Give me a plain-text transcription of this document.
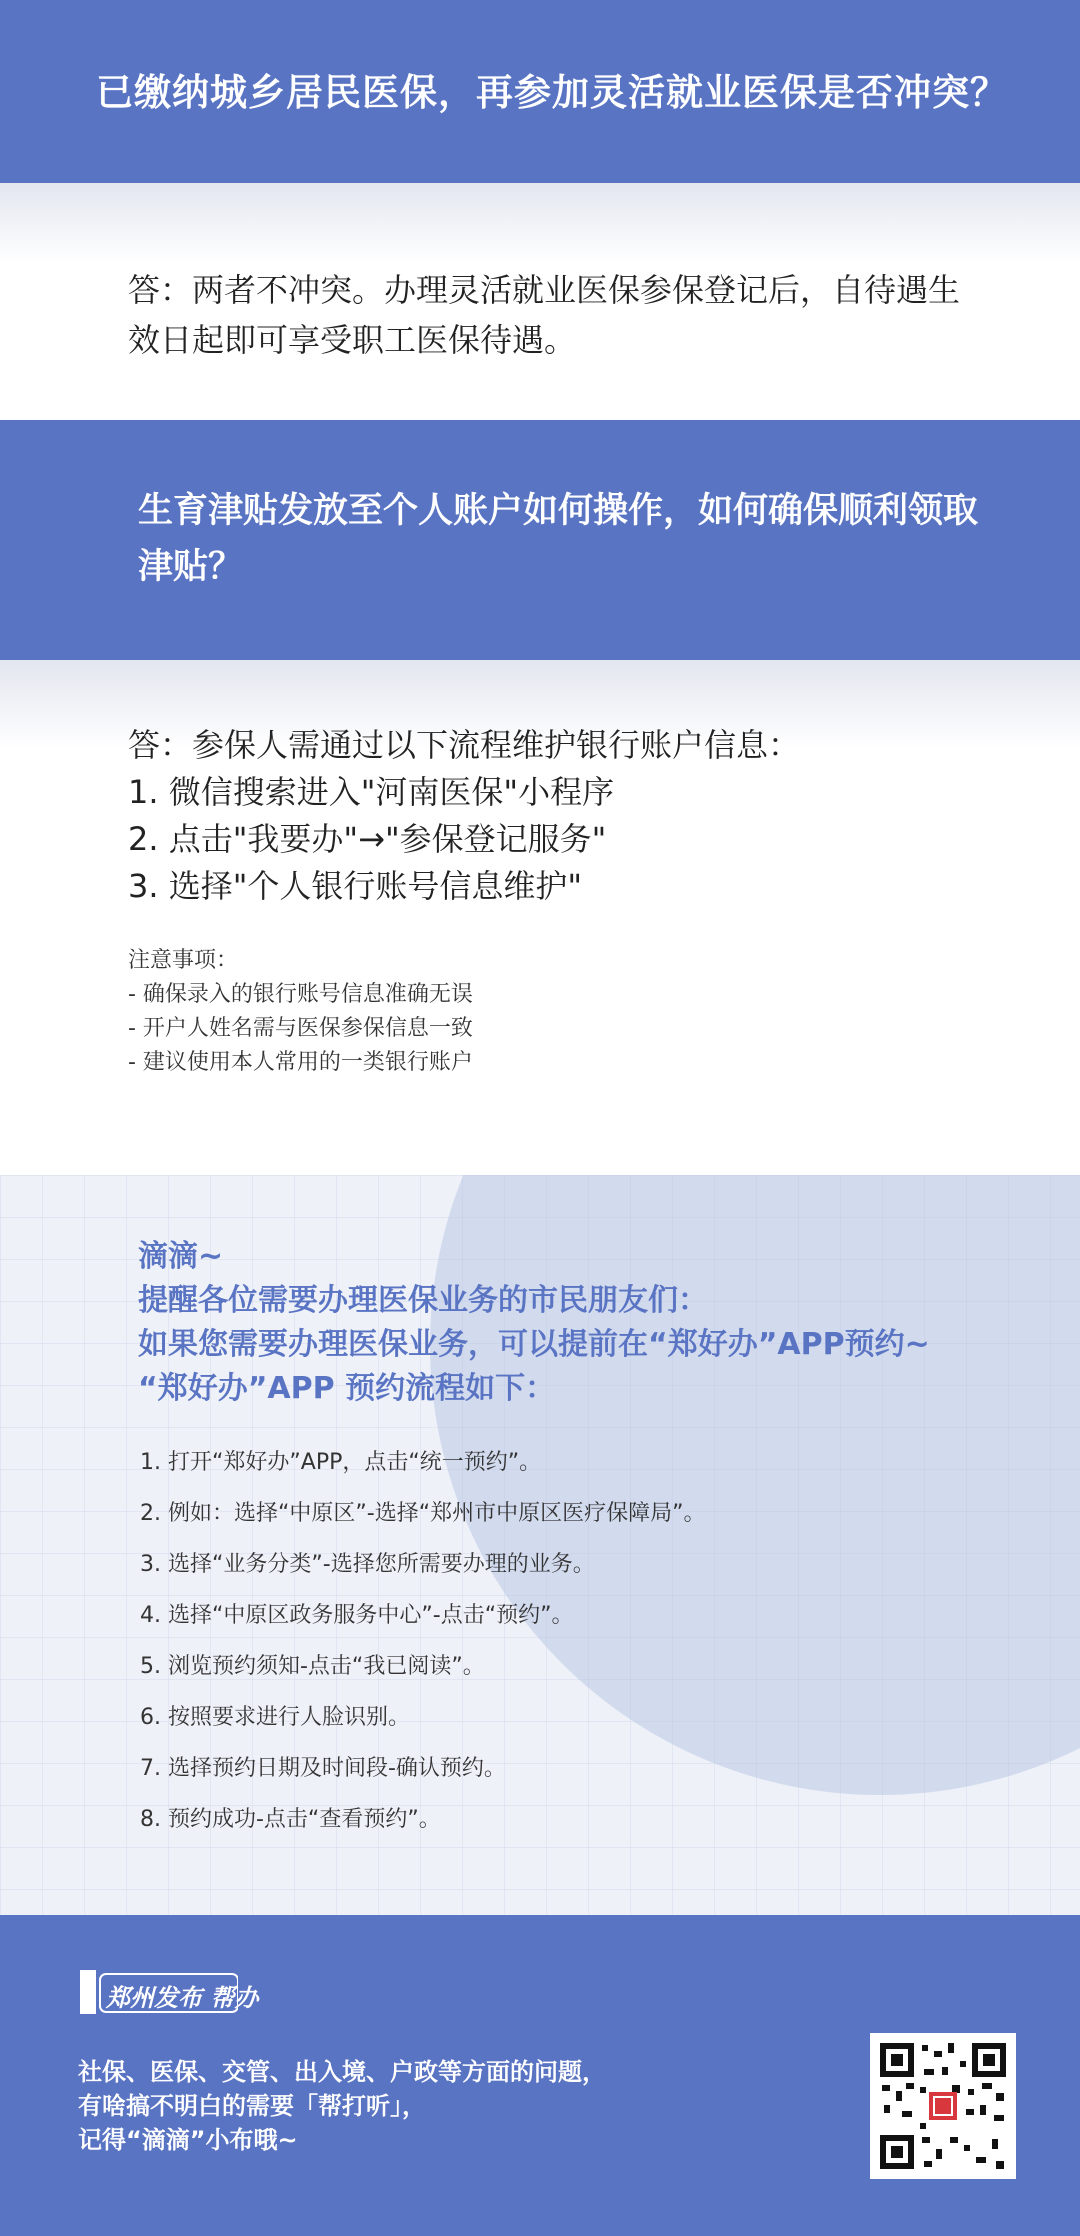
已缴纳城乡居民医保，再参加灵活就业医保是否冲突？
答：两者不冲突。办理灵活就业医保参保登记后，自待遇生效日起即可享受职工医保待遇。
生育津贴发放至个人账户如何操作，如何确保顺利领取津贴？
答：参保人需通过以下流程维护银行账户信息：
1. 微信搜索进入"河南医保"小程序
2. 点击"我要办"→"参保登记服务"
3. 选择"个人银行账号信息维护"
注意事项：
- 确保录入的银行账号信息准确无误
- 开户人姓名需与医保参保信息一致
- 建议使用本人常用的一类银行账户
滴滴~
提醒各位需要办理医保业务的市民朋友们：
如果您需要办理医保业务，可以提前在“郑好办”APP预约~
“郑好办”APP 预约流程如下：
1. 打开“郑好办”APP，点击“统一预约”。
2. 例如：选择“中原区”-选择“郑州市中原区医疗保障局”。
3. 选择“业务分类”-选择您所需要办理的业务。
4. 选择“中原区政务服务中心”-点击“预约”。
5. 浏览预约须知-点击“我已阅读”。
6. 按照要求进行人脸识别。
7. 选择预约日期及时间段-确认预约。
8. 预约成功-点击“查看预约”。
郑州发布 帮办
社保、医保、交管、出入境、户政等方面的问题，
有啥搞不明白的需要「帮打听」，
记得“滴滴”小布哦~
